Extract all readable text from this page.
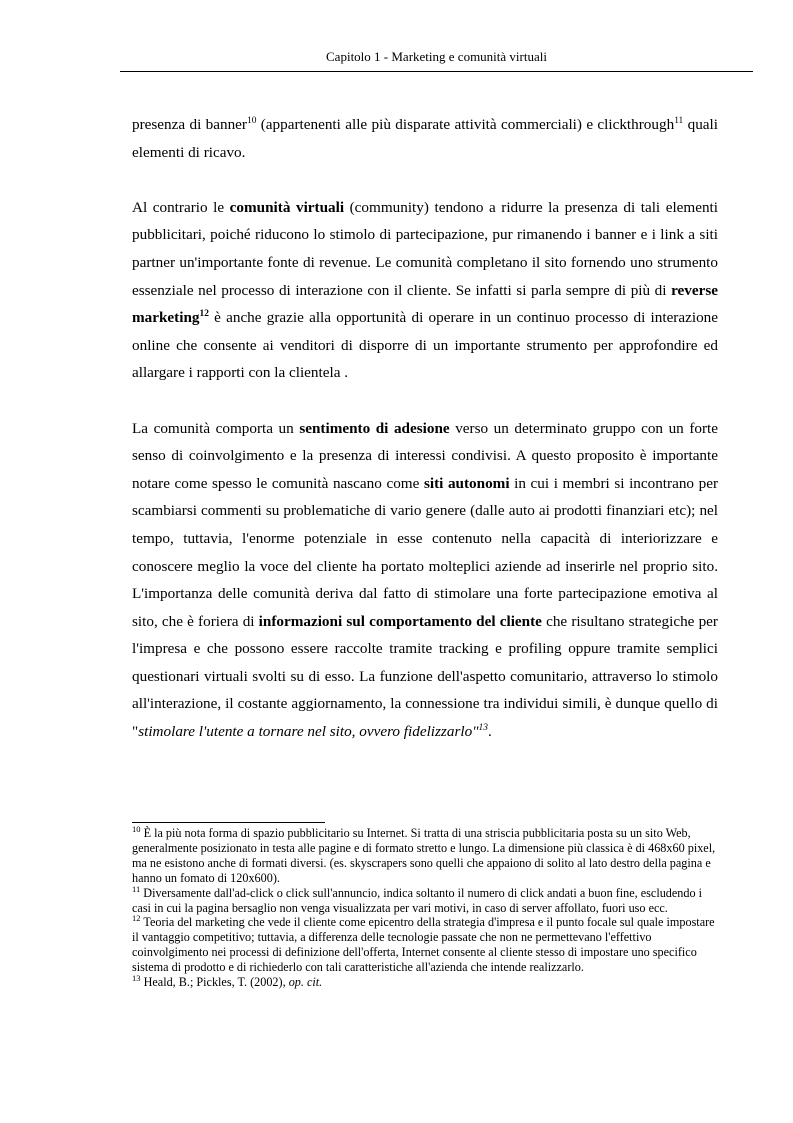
Capitolo 1 - Marketing e comunità virtuali

presenza di banner$^{10}$ (appartenenti alle più disparate attività commerciali) e clickthrough$^{11}$ quali elementi di ricavo.

Al contrario le comunità virtuali (community) tendono a ridurre la presenza di tali elementi pubblicitari, poiché riducono lo stimolo di partecipazione, pur rimanendo i banner e i link a siti partner un'importante fonte di revenue. Le comunità completano il sito fornendo uno strumento essenziale nel processo di interazione con il cliente. Se infatti si parla sempre di più di reverse marketing$^{12}$ è anche grazie alla opportunità di operare in un continuo processo di interazione online che consente ai venditori di disporre di un importante strumento per approfondire ed allargare i rapporti con la clientela .

La comunità comporta un sentimento di adesione verso un determinato gruppo con un forte senso di coinvolgimento e la presenza di interessi condivisi. A questo proposito è importante notare come spesso le comunità nascano come siti autonomi in cui i membri si incontrano per scambiarsi commenti su problematiche di vario genere (dalle auto ai prodotti finanziari etc); nel tempo, tuttavia, l'enorme potenziale in esse contenuto nella capacità di interiorizzare e conoscere meglio la voce del cliente ha portato molteplici aziende ad inserirle nel proprio sito. L'importanza delle comunità deriva dal fatto di stimolare una forte partecipazione emotiva al sito, che è foriera di informazioni sul comportamento del cliente che risultano strategiche per l'impresa e che possono essere raccolte tramite tracking e profiling oppure tramite semplici questionari virtuali svolti su di esso. La funzione dell'aspetto comunitario, attraverso lo stimolo all'interazione, il costante aggiornamento, la connessione tra individui simili, è dunque quello di "stimolare l'utente a tornare nel sito, ovvero fidelizzarlo"$^{13}$.

$^{10}$ È la più nota forma di spazio pubblicitario su Internet. Si tratta di una striscia pubblicitaria posta su un sito Web, generalmente posizionato in testa alle pagine e di formato stretto e lungo. La dimensione più classica è di 468x60 pixel, ma ne esistono anche di formati diversi. (es. skyscrapers sono quelli che appaiono di solito al lato destro della pagina e hanno un fomato di 120x600).

$^{11}$ Diversamente dall'ad-click o click sull'annuncio, indica soltanto il numero di click andati a buon fine, escludendo i casi in cui la pagina bersaglio non venga visualizzata per vari motivi, in caso di server affollato, fuori uso ecc.

$^{12}$ Teoria del marketing che vede il cliente come epicentro della strategia d'impresa e il punto focale sul quale impostare il vantaggio competitivo; tuttavia, a differenza delle tecnologie passate che non ne permettevano l'effettivo coinvolgimento nei processi di definizione dell'offerta, Internet consente al cliente stesso di impostare uno specifico sistema di prodotto e di richiederlo con tali caratteristiche all'azienda che intende realizzarlo.

$^{13}$ Heald, B.; Pickles, T. (2002), op. cit.
